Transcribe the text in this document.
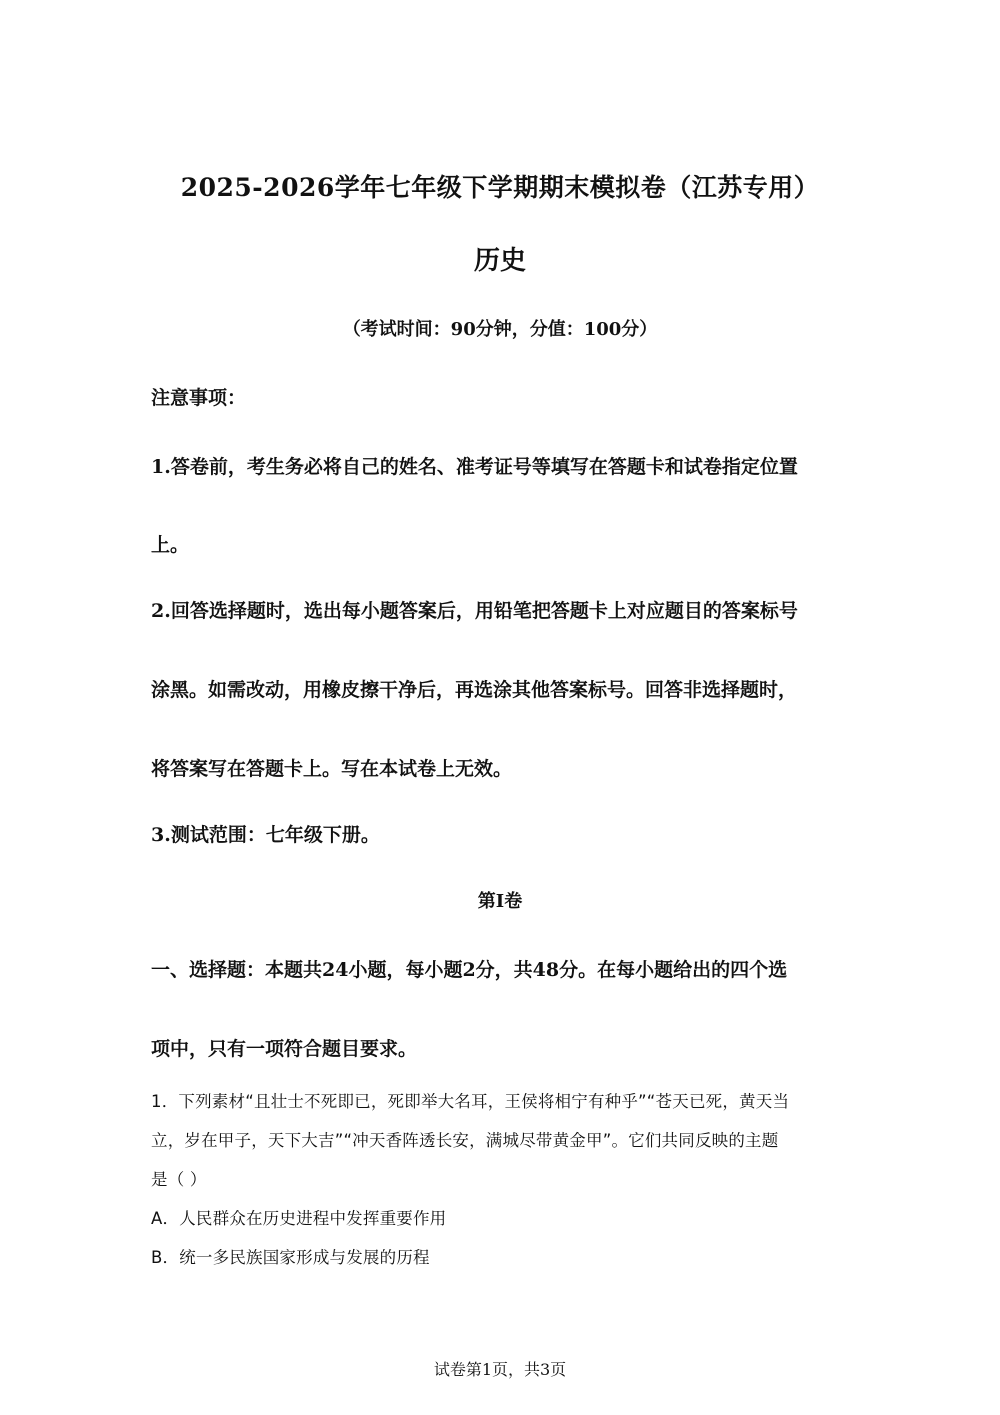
2025-2026学年七年级下学期期末模拟卷（江苏专用）
历史
（考试时间：90分钟，分值：100分）
注意事项：
1.答卷前，考生务必将自己的姓名、准考证号等填写在答题卡和试卷指定位置
上。
2.回答选择题时，选出每小题答案后，用铅笔把答题卡上对应题目的答案标号
涂黑。如需改动，用橡皮擦干净后，再选涂其他答案标号。回答非选择题时，
将答案写在答题卡上。写在本试卷上无效。
3.测试范围：七年级下册。
第Ⅰ卷
一、选择题：本题共24小题，每小题2分，共48分。在每小题给出的四个选
项中，只有一项符合题目要求。
1．下列素材“且壮士不死即已，死即举大名耳，王侯将相宁有种乎”“苍天已死，黄天当
立，岁在甲子，天下大吉”“冲天香阵透长安，满城尽带黄金甲”。它们共同反映的主题
是（ ）
A．人民群众在历史进程中发挥重要作用
B．统一多民族国家形成与发展的历程
试卷第1页，共3页
